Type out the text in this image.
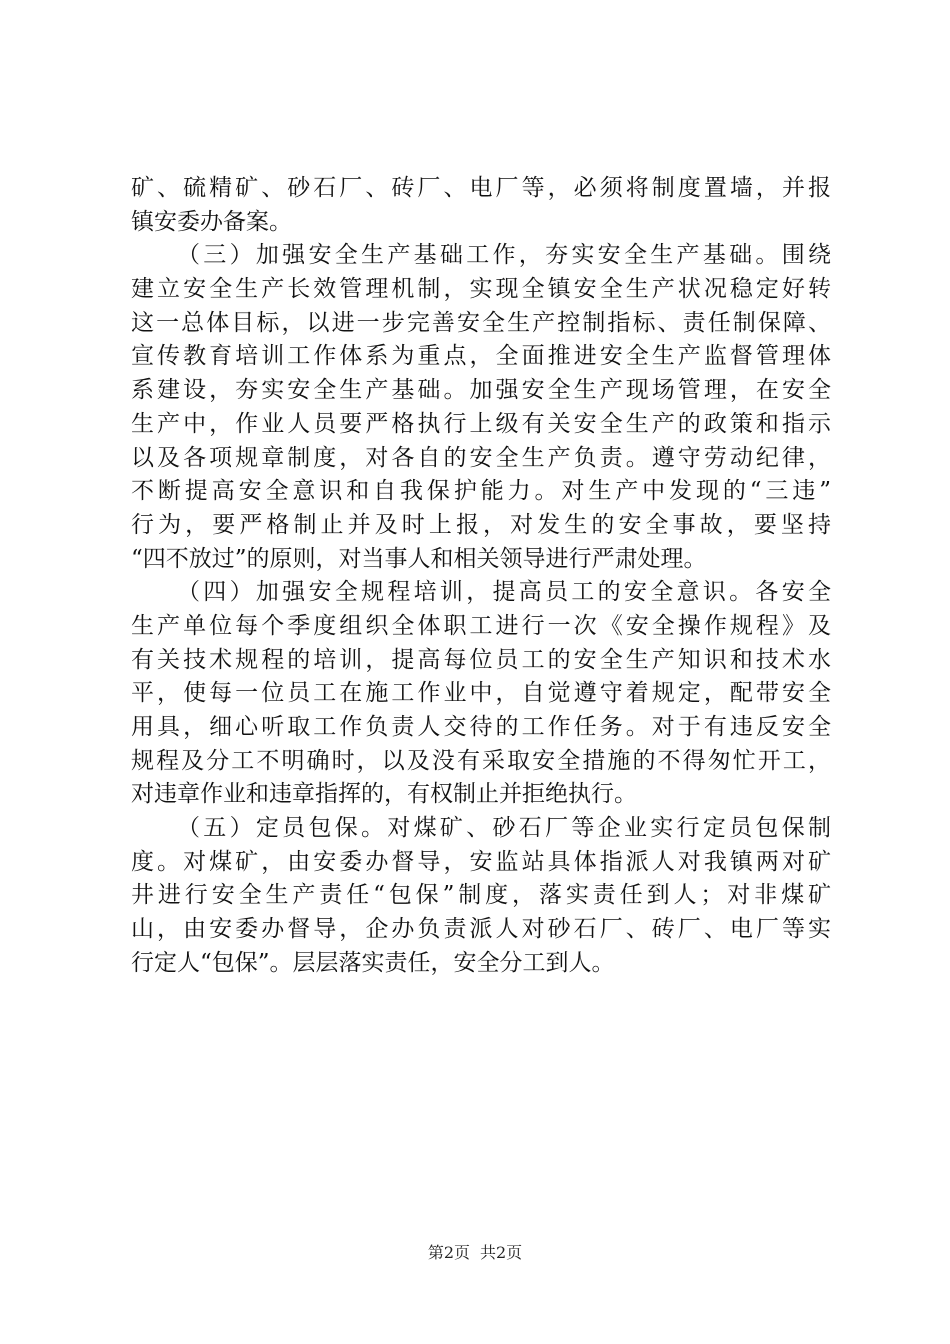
矿、硫精矿、砂石厂、砖厂、电厂等，必须将制度置墙，并报
镇安委办备案。
（三）加强安全生产基础工作，夯实安全生产基础。围绕
建立安全生产长效管理机制，实现全镇安全生产状况稳定好转
这一总体目标，以进一步完善安全生产控制指标、责任制保障、
宣传教育培训工作体系为重点，全面推进安全生产监督管理体
系建设，夯实安全生产基础。加强安全生产现场管理，在安全
生产中，作业人员要严格执行上级有关安全生产的政策和指示
以及各项规章制度，对各自的安全生产负责。遵守劳动纪律，
不断提高安全意识和自我保护能力。对生产中发现的“三违”
行为，要严格制止并及时上报，对发生的安全事故，要坚持
“四不放过”的原则，对当事人和相关领导进行严肃处理。
（四）加强安全规程培训，提高员工的安全意识。各安全
生产单位每个季度组织全体职工进行一次《安全操作规程》及
有关技术规程的培训，提高每位员工的安全生产知识和技术水
平，使每一位员工在施工作业中，自觉遵守着规定，配带安全
用具，细心听取工作负责人交待的工作任务。对于有违反安全
规程及分工不明确时，以及没有采取安全措施的不得匆忙开工，
对违章作业和违章指挥的，有权制止并拒绝执行。
（五）定员包保。对煤矿、砂石厂等企业实行定员包保制
度。对煤矿，由安委办督导，安监站具体指派人对我镇两对矿
井进行安全生产责任“包保”制度，落实责任到人；对非煤矿
山，由安委办督导，企办负责派人对砂石厂、砖厂、电厂等实
行定人“包保”。层层落实责任，安全分工到人。
第2页 共2页
